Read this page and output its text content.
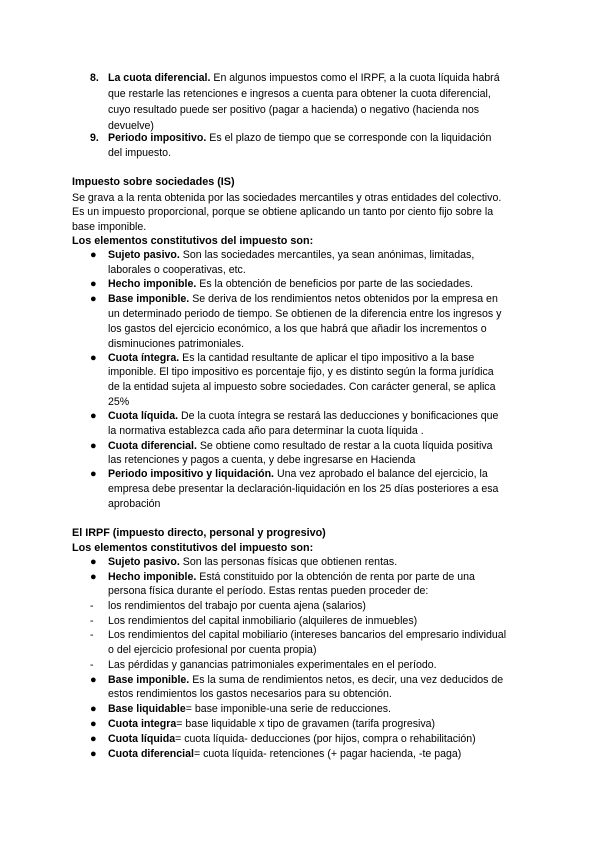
8. La cuota diferencial. En algunos impuestos como el IRPF, a la cuota líquida habrá
que restarle las retenciones e ingresos a cuenta para obtener la cuota diferencial,
cuyo resultado puede ser positivo (pagar a hacienda) o negativo (hacienda nos
devuelve)
9. Periodo impositivo. Es el plazo de tiempo que se corresponde con la liquidación
del impuesto.
Impuesto sobre sociedades (IS)
Se grava a la renta obtenida por las sociedades mercantiles y otras entidades del colectivo.
Es un impuesto proporcional, porque se obtiene aplicando un tanto por ciento fijo sobre la
base imponible.
Los elementos constitutivos del impuesto son:
● Sujeto pasivo. Son las sociedades mercantiles, ya sean anónimas, limitadas,
laborales o cooperativas, etc.
● Hecho imponible. Es la obtención de beneficios por parte de las sociedades.
● Base imponible. Se deriva de los rendimientos netos obtenidos por la empresa en
un determinado periodo de tiempo. Se obtienen de la diferencia entre los ingresos y
los gastos del ejercicio económico, a los que habrá que añadir los incrementos o
disminuciones patrimoniales.
● Cuota íntegra. Es la cantidad resultante de aplicar el tipo impositivo a la base
imponible. El tipo impositivo es porcentaje fijo, y es distinto según la forma jurídica
de la entidad sujeta al impuesto sobre sociedades. Con carácter general, se aplica
25%
● Cuota líquida. De la cuota íntegra se restará las deducciones y bonificaciones que
la normativa establezca cada año para determinar la cuota líquida .
● Cuota diferencial. Se obtiene como resultado de restar a la cuota líquida positiva
las retenciones y pagos a cuenta, y debe ingresarse en Hacienda
● Periodo impositivo y liquidación. Una vez aprobado el balance del ejercicio, la
empresa debe presentar la declaración-liquidación en los 25 días posteriores a esa
aprobación
El IRPF (impuesto directo, personal y progresivo)
Los elementos constitutivos del impuesto son:
● Sujeto pasivo. Son las personas físicas que obtienen rentas.
● Hecho imponible. Está constituido por la obtención de renta por parte de una
persona física durante el período. Estas rentas pueden proceder de:
- los rendimientos del trabajo por cuenta ajena (salarios)
- Los rendimientos del capital inmobiliario (alquileres de inmuebles)
- Los rendimientos del capital mobiliario (intereses bancarios del empresario individual
o del ejercicio profesional por cuenta propia)
- Las pérdidas y ganancias patrimoniales experimentales en el período.
● Base imponible. Es la suma de rendimientos netos, es decir, una vez deducidos de
estos rendimientos los gastos necesarios para su obtención.
● Base liquidable= base imponible-una serie de reducciones.
● Cuota integra= base liquidable x tipo de gravamen (tarifa progresiva)
● Cuota líquida= cuota líquida- deducciones (por hijos, compra o rehabilitación)
● Cuota diferencial= cuota líquida- retenciones (+ pagar hacienda, -te paga)
